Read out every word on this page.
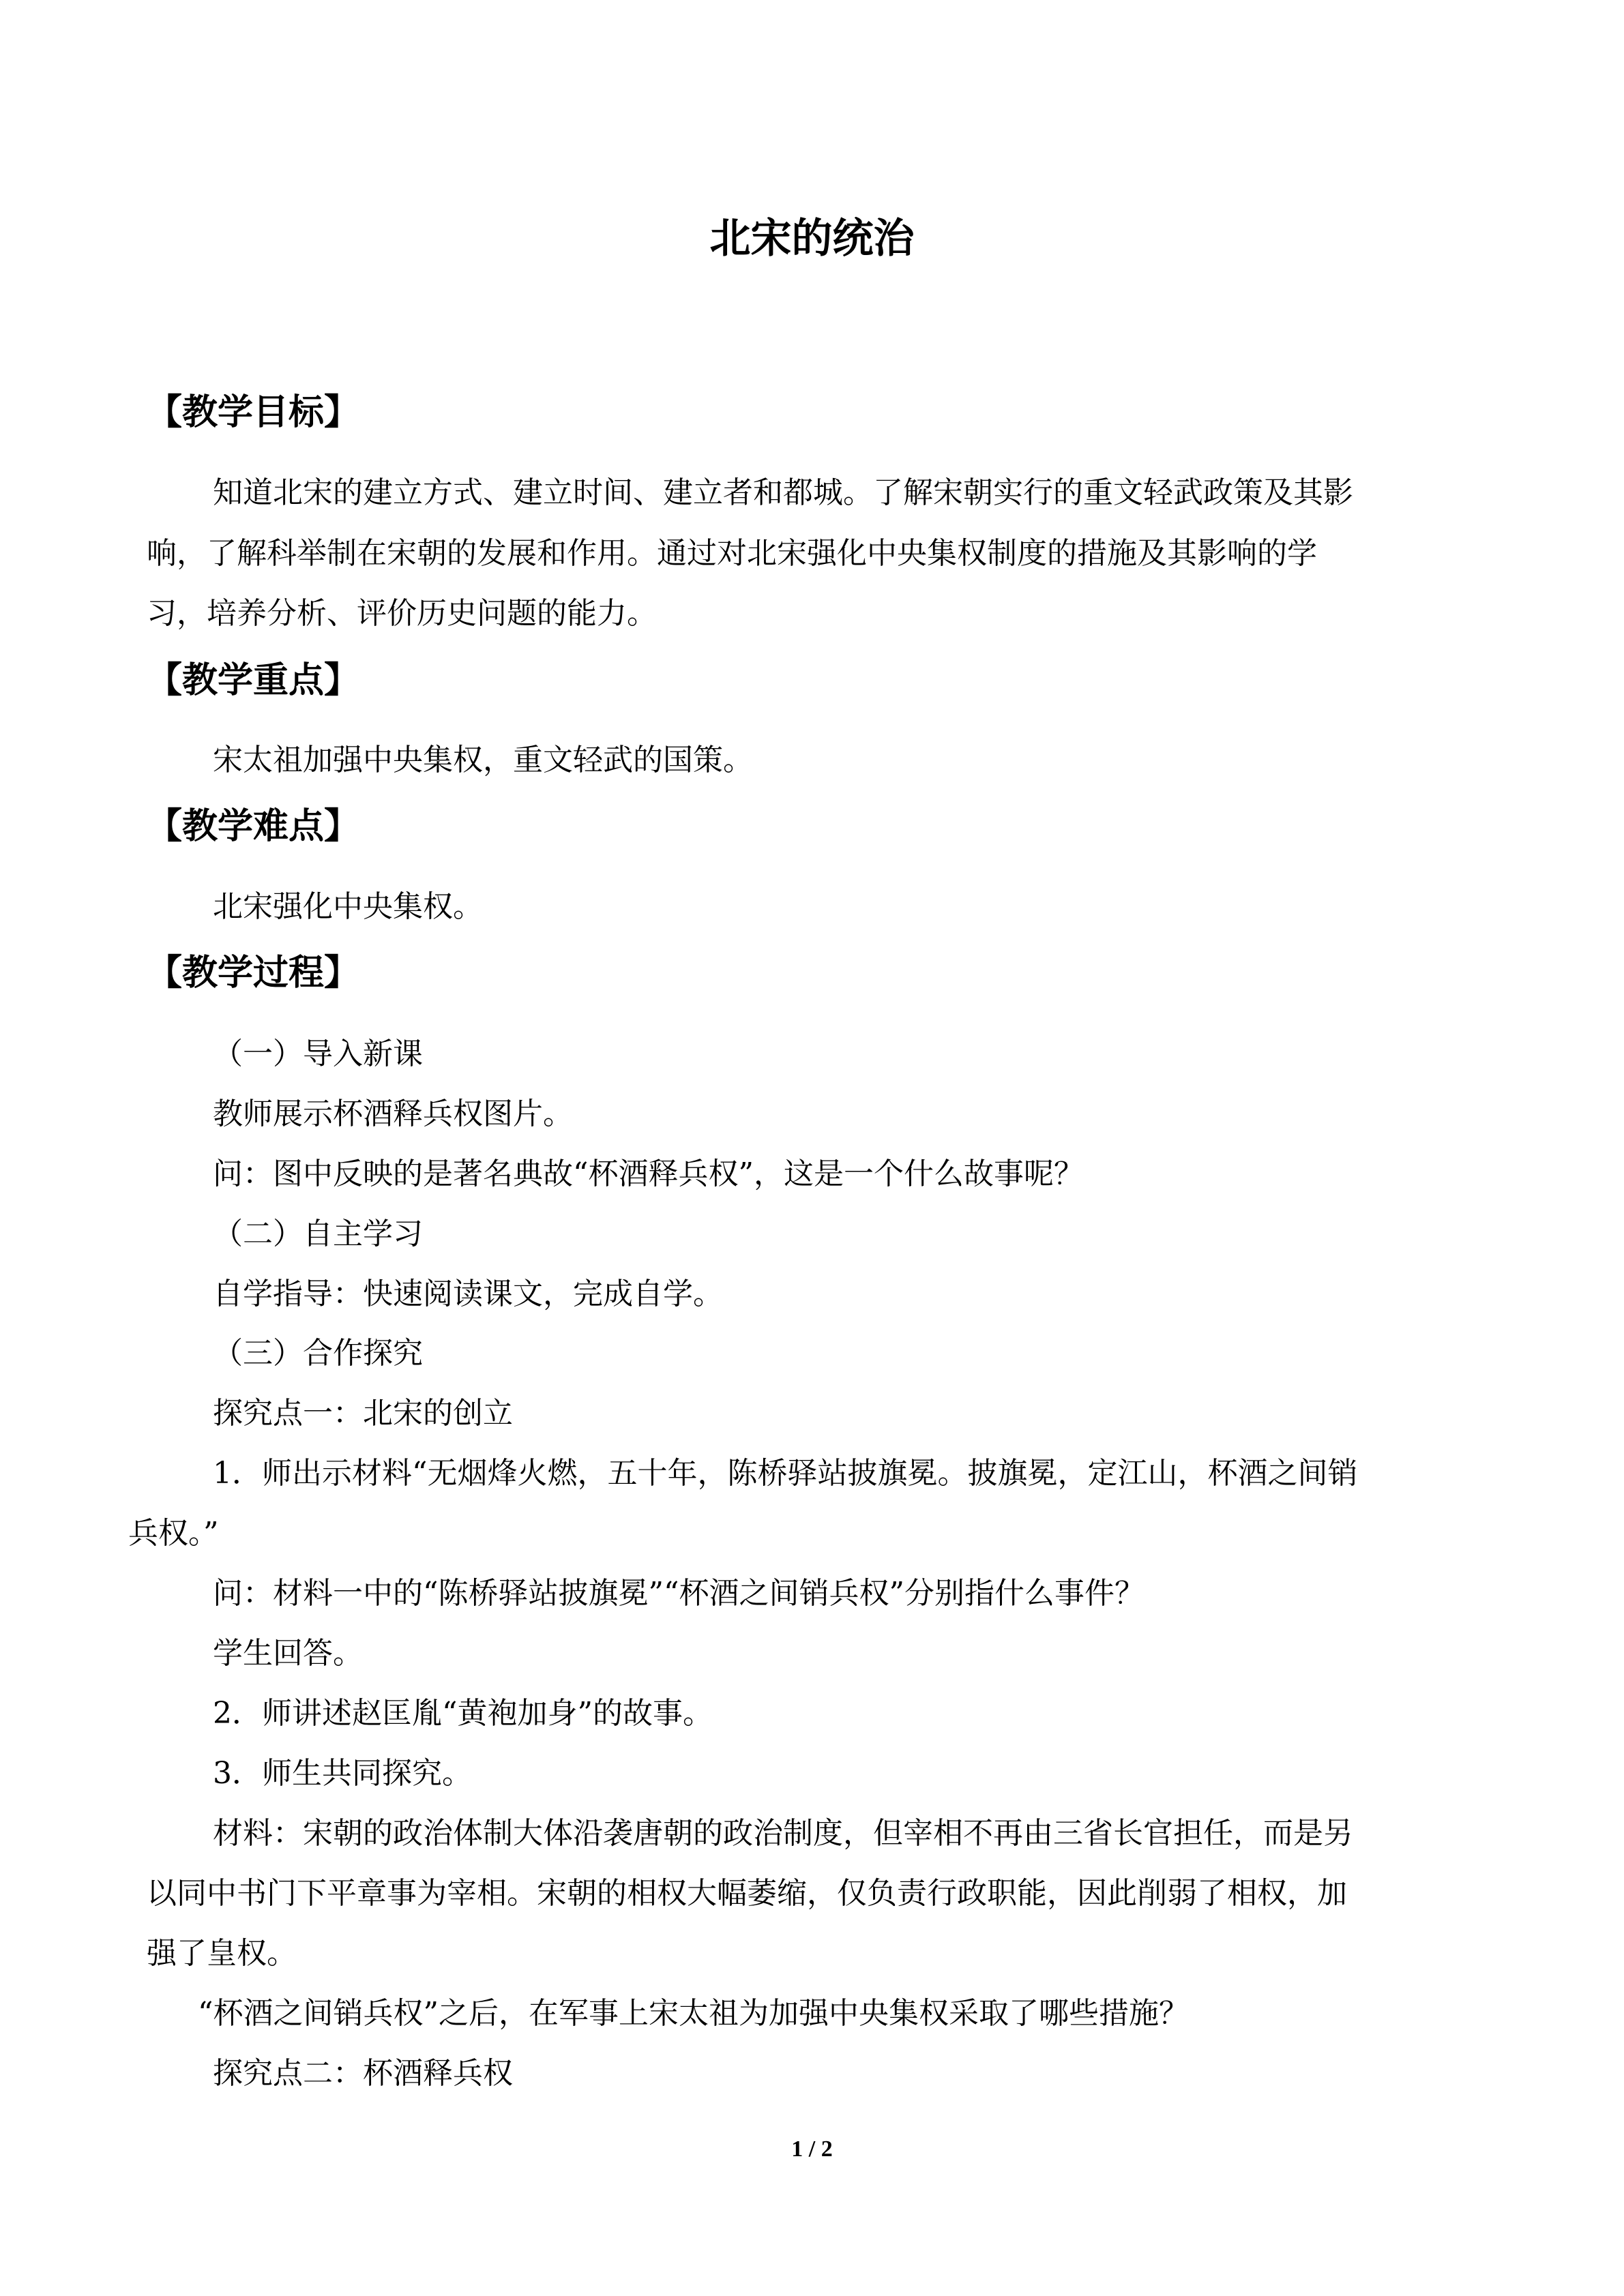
北宋的统治
【教学目标】
知道北宋的建立方式、建立时间、建立者和都城。了解宋朝实行的重文轻武政策及其影
响，了解科举制在宋朝的发展和作用。通过对北宋强化中央集权制度的措施及其影响的学
习，培养分析、评价历史问题的能力。
【教学重点】
宋太祖加强中央集权，重文轻武的国策。
【教学难点】
北宋强化中央集权。
【教学过程】
（一）导入新课
教师展示杯酒释兵权图片。
问：图中反映的是著名典故“杯酒释兵权”，这是一个什么故事呢？
（二）自主学习
自学指导：快速阅读课文，完成自学。
（三）合作探究
探究点一：北宋的创立
1．师出示材料“无烟烽火燃，五十年，陈桥驿站披旗冕。披旗冕，定江山，杯酒之间销
兵权。”
问：材料一中的“陈桥驿站披旗冕”“杯酒之间销兵权”分别指什么事件？
学生回答。
2．师讲述赵匡胤“黄袍加身”的故事。
3．师生共同探究。
材料：宋朝的政治体制大体沿袭唐朝的政治制度，但宰相不再由三省长官担任，而是另
以同中书门下平章事为宰相。宋朝的相权大幅萎缩，仅负责行政职能，因此削弱了相权，加
强了皇权。
“杯酒之间销兵权”之后，在军事上宋太祖为加强中央集权采取了哪些措施？
探究点二：杯酒释兵权
1 / 2
